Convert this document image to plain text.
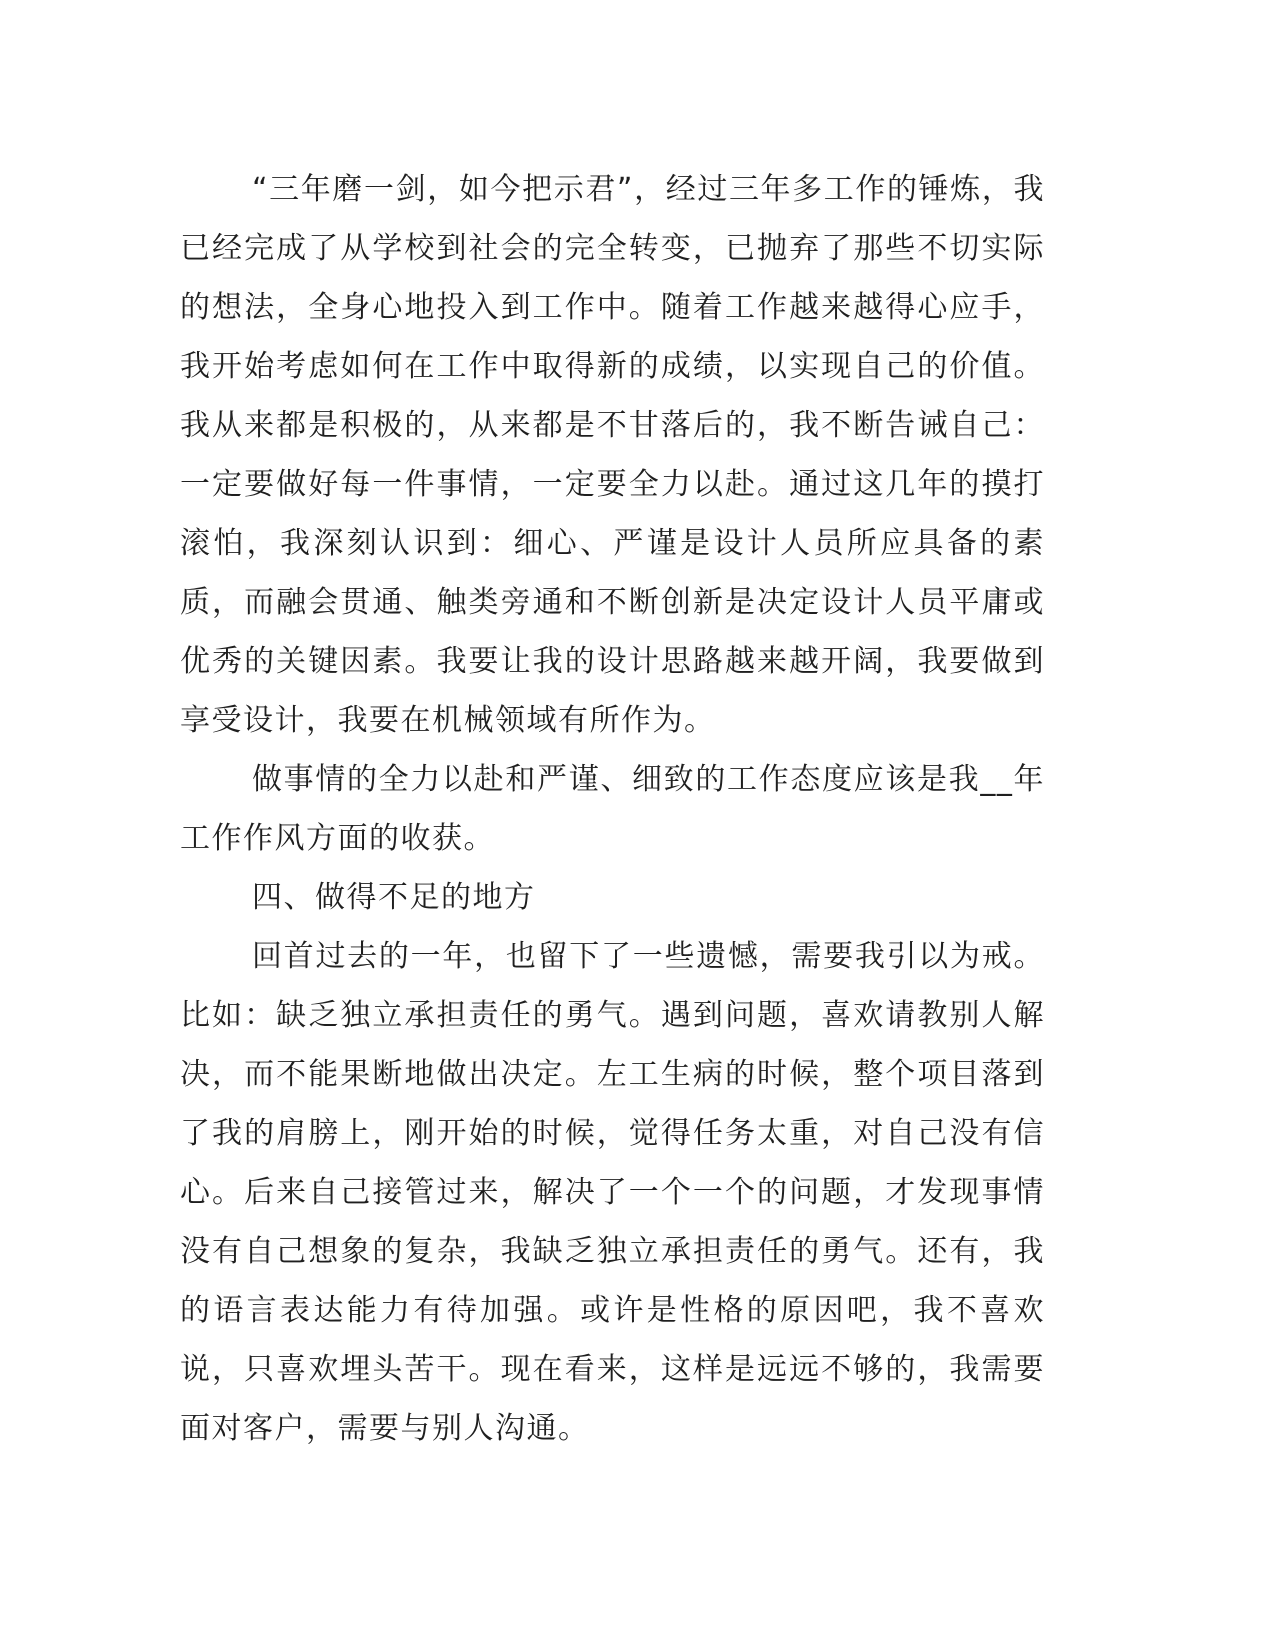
“三年磨一剑，如今把示君”，经过三年多工作的锤炼，我已经完成了从学校到社会的完全转变，已抛弃了那些不切实际的想法，全身心地投入到工作中。随着工作越来越得心应手，我开始考虑如何在工作中取得新的成绩，以实现自己的价值。我从来都是积极的，从来都是不甘落后的，我不断告诫自己：一定要做好每一件事情，一定要全力以赴。通过这几年的摸打滚怕，我深刻认识到：细心、严谨是设计人员所应具备的素质，而融会贯通、触类旁通和不断创新是决定设计人员平庸或优秀的关键因素。我要让我的设计思路越来越开阔，我要做到享受设计，我要在机械领域有所作为。

做事情的全力以赴和严谨、细致的工作态度应该是我__年工作作风方面的收获。

四、做得不足的地方

回首过去的一年，也留下了一些遗憾，需要我引以为戒。比如：缺乏独立承担责任的勇气。遇到问题，喜欢请教别人解决，而不能果断地做出决定。左工生病的时候，整个项目落到了我的肩膀上，刚开始的时候，觉得任务太重，对自己没有信心。后来自己接管过来，解决了一个一个的问题，才发现事情没有自己想象的复杂，我缺乏独立承担责任的勇气。还有，我的语言表达能力有待加强。或许是性格的原因吧，我不喜欢说，只喜欢埋头苦干。现在看来，这样是远远不够的，我需要面对客户，需要与别人沟通。
